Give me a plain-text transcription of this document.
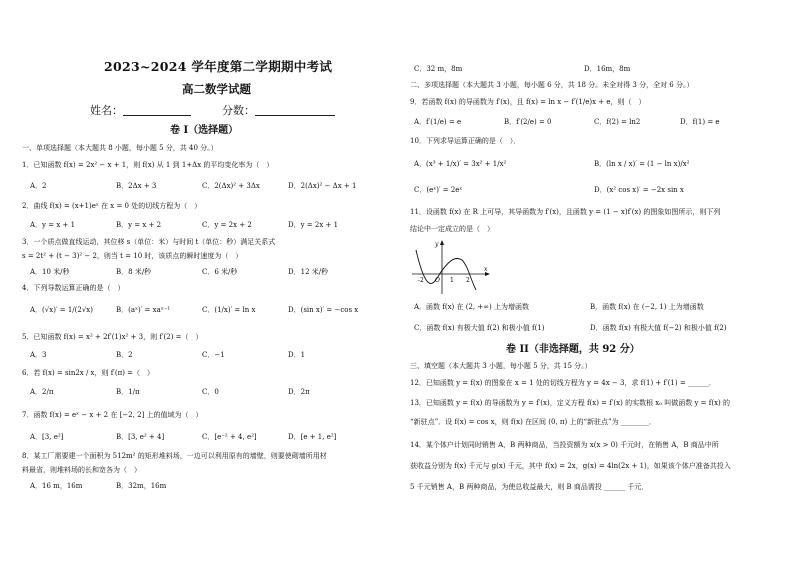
2023~2024 学年度第二学期期中考试
高二数学试题
姓名：	分数：
卷 I（选择题）
一、单项选择题（本大题共 8 小题，每小题 5 分，共 40 分。）
1．已知函数 f(x) = 2x² − x + 1，则 f(x) 从 1 到 1+Δx 的平均变化率为（　）
A．2	B．2Δx + 3	C．2(Δx)² + 3Δx	D．2(Δx)² − Δx + 1
2．曲线 f(x) = (x+1)eˣ 在 x = 0 处的切线方程为（　）
A．y = x + 1	B．y = x + 2	C．y = 2x + 2	D．y = 2x + 1
3．一个质点做直线运动，其位移 s（单位：米）与时间 t（单位：秒）满足关系式
s = 2t² + (t − 3)² − 2，则当 t = 10 时，该质点的瞬时速度为（　）
A．10 米/秒	B．8 米/秒	C．6 米/秒	D．12 米/秒
4．下列导数运算正确的是（　）
A．(√x)′ = 1/(2√x)	B．(aˣ)′ = xaˣ⁻¹	C．(1/x)′ = ln x	D．(sin x)′ = −cos x
5．已知函数 f(x) = x² + 2f′(1)x² + 3，则 f′(2) =（　）
A．3	B．2	C．−1	D．1
6．若 f(x) = sin2x / x，则 f′(π) =（　）
A．2/π	B．1/π	C．0	D．2π
7．函数 f(x) = eˣ − x + 2 在 [−2, 2] 上的值域为（　）
A．[3, e²]	B．[3, e² + 4]	C．[e⁻² + 4, e²]	D．[e + 1, e²]
8．某工厂需要建一个面积为 512m² 的矩形堆料场，一边可以利用原有的墙壁，则要使砌墙所用材
料最省，则堆料场的长和宽各为（　）
A．16 m，16m	B．32m，16m
C．32 m，8m	D．16m，8m
二、多项选择题（本大题共 3 小题，每小题 6 分，共 18 分。未全对得 3 分，全对 6 分。）
9．若函数 f(x) 的导函数为 f′(x)，且 f(x) = ln x − f′(1/e)x + e，则（　）
A．f′(1/e) = e	B．f′(2/e) = 0	C．f(2) = ln2	D．f(1) = e
10．下列求导运算正确的是（　）．
A．(x³ + 1/x)′ = 3x² + 1/x²	B．(ln x / x)′ = (1 − ln x)/x²
C．(eˣ)′ = 2eˣ	D．(x² cos x)′ = −2x sin x
11．设函数 f(x) 在 R 上可导，其导函数为 f′(x)，且函数 y = (1 − x)f′(x) 的图象如图所示，则下列
结论中一定成立的是（　）
y
x
O
-2	1 2
A．函数 f(x) 在 (2, +∞) 上为增函数	B．函数 f(x) 在 (−2, 1) 上为增函数
C．函数 f(x) 有极大值 f(2) 和极小值 f(1)	D．函数 f(x) 有极大值 f(−2) 和极小值 f(2)
卷 II（非选择题，共 92 分）
三、填空题（本大题共 3 小题，每小题 5 分，共 15 分。）
12．已知函数 y = f(x) 的图象在 x = 1 处的切线方程为 y = 4x − 3，求 f(1) + f′(1) = ______．
13．已知函数 y = f(x) 的导函数为 y = f′(x)，定义方程 f(x) = f′(x) 的实数根 x₀ 叫做函数 y = f(x) 的
“新驻点”．设 f(x) = cos x，则 f(x) 在区间 (0, π) 上的“新驻点”为 ________．
14．某个体户计划同时销售 A，B 两种商品，当投资额为 x(x > 0) 千元时，在销售 A，B 商品中所
获收益分别为 f(x) 千元与 g(x) 千元，其中 f(x) = 2x，g(x) = 4ln(2x + 1)，如果该个体户准备共投入
5 千元销售 A，B 两种商品，为使总收益最大，则 B 商品需投 ______ 千元．
